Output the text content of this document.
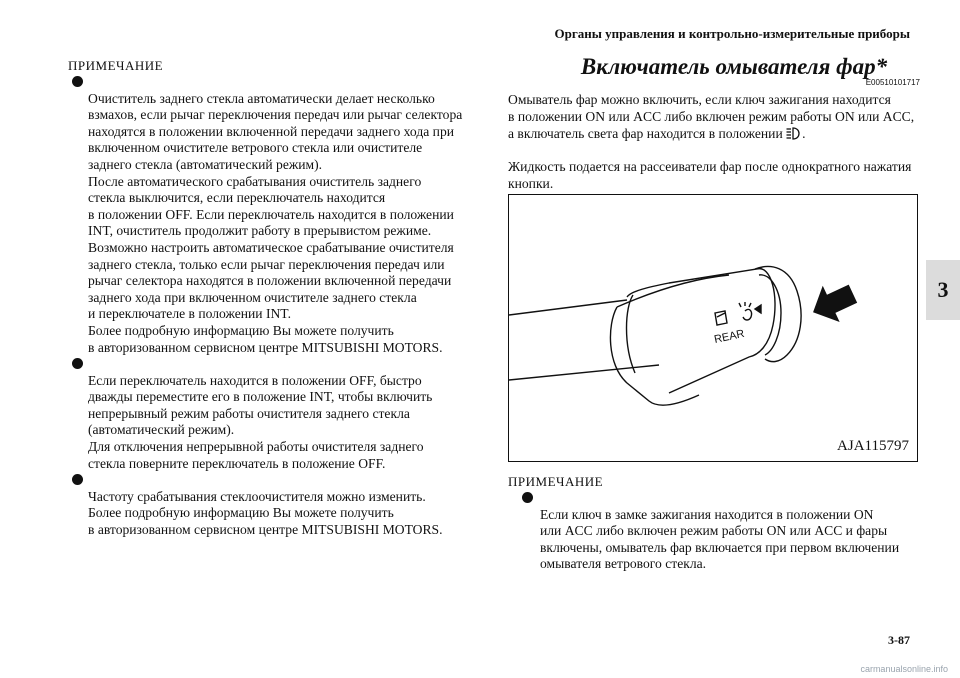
Органы управления и контрольно-измерительные приборы
3
ПРИМЕЧАНИЕ

Очиститель заднего стекла автоматически делает несколько
взмахов, если рычаг переключения передач или рычаг селектора
находятся в положении включенной передачи заднего хода при
включенном очистителе ветрового стекла или очистителе
заднего стекла (автоматический режим).
После автоматического срабатывания очиститель заднего
стекла выключится, если переключатель находится
в положении OFF. Если переключатель находится в положении
INT, очиститель продолжит работу в прерывистом режиме.
Возможно настроить автоматическое срабатывание очистителя
заднего стекла, только если рычаг переключения передач или
рычаг селектора находятся в положении включенной передачи
заднего хода при включенном очистителе заднего стекла
и переключателе в положении INT.
Более подробную информацию Вы можете получить
в авторизованном сервисном центре MITSUBISHI MOTORS.

Если переключатель находится в положении OFF, быстро
дважды переместите его в положение INT, чтобы включить
непрерывный режим работы очистителя заднего стекла
(автоматический режим).
Для отключения непрерывной работы очистителя заднего
стекла поверните переключатель в положение OFF.

Частоту срабатывания стеклоочистителя можно изменить.
Более подробную информацию Вы можете получить
в авторизованном сервисном центре MITSUBISHI MOTORS.

Включатель омывателя фар*
E00510101717

Омыватель фар можно включить, если ключ зажигания находится
в положении ON или ACC либо включен режим работы ON или ACC,
а включатель света фар находится в положении .

Жидкость подается на рассеиватели фар после однократного нажатия
кнопки.

REAR
AJA115797
ПРИМЕЧАНИЕ

Если ключ в замке зажигания находится в положении ON
или ACC либо включен режим работы ON или ACC и фары
включены, омыватель фар включается при первом включении
омывателя ветрового стекла.

3-87
carmanualsonline.info
